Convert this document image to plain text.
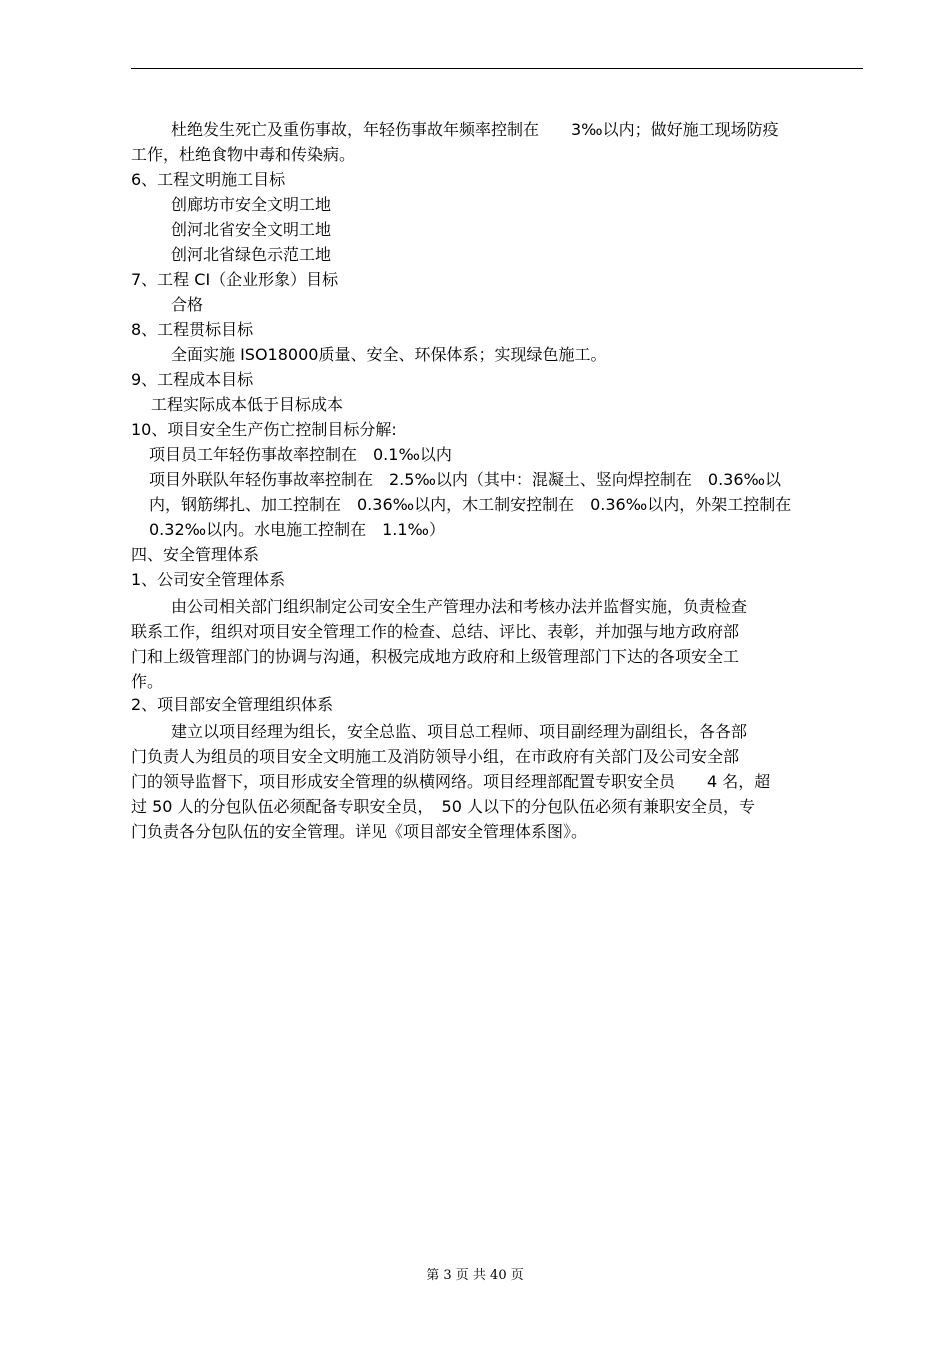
杜绝发生死亡及重伤事故，年轻伤事故年频率控制在　　3‰以内；做好施工现场防疫
工作，杜绝食物中毒和传染病。
6、工程文明施工目标
创廊坊市安全文明工地
创河北省安全文明工地
创河北省绿色示范工地
7、工程 CI（企业形象）目标
合格
8、工程贯标目标
全面实施 ISO18000质量、安全、环保体系；实现绿色施工。
9、工程成本目标
工程实际成本低于目标成本
10、项目安全生产伤亡控制目标分解:
项目员工年轻伤事故率控制在　0.1‰以内
项目外联队年轻伤事故率控制在　2.5‰以内（其中：混凝土、竖向焊控制在　0.36‰以
内，钢筋绑扎、加工控制在　0.36‰以内，木工制安控制在　0.36‰以内，外架工控制在
0.32‰以内。水电施工控制在　1.1‰）
四、安全管理体系
1、公司安全管理体系
由公司相关部门组织制定公司安全生产管理办法和考核办法并监督实施，负责检查
联系工作，组织对项目安全管理工作的检查、总结、评比、表彰，并加强与地方政府部
门和上级管理部门的协调与沟通，积极完成地方政府和上级管理部门下达的各项安全工
作。
2、项目部安全管理组织体系
建立以项目经理为组长，安全总监、项目总工程师、项目副经理为副组长，各各部
门负责人为组员的项目安全文明施工及消防领导小组，在市政府有关部门及公司安全部
门的领导监督下，项目形成安全管理的纵横网络。项目经理部配置专职安全员　　4 名，超
过 50 人的分包队伍必须配备专职安全员，　50 人以下的分包队伍必须有兼职安全员，专
门负责各分包队伍的安全管理。详见《项目部安全管理体系图》。
第 3 页 共 40 页
